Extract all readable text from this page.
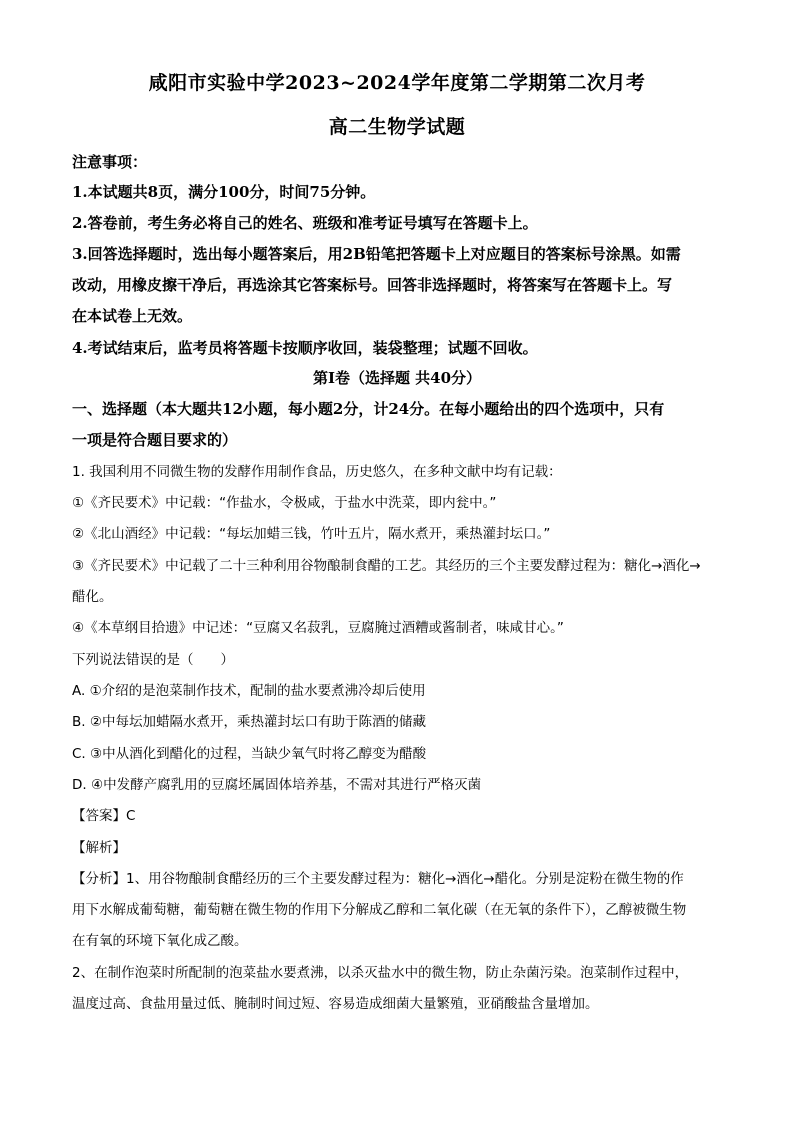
咸阳市实验中学2023~2024学年度第二学期第二次月考
高二生物学试题
注意事项：
1.本试题共8页，满分100分，时间75分钟。
2.答卷前，考生务必将自己的姓名、班级和准考证号填写在答题卡上。
3.回答选择题时，选出每小题答案后，用2B铅笔把答题卡上对应题目的答案标号涂黑。如需
改动，用橡皮擦干净后，再选涂其它答案标号。回答非选择题时，将答案写在答题卡上。写
在本试卷上无效。
4.考试结束后，监考员将答题卡按顺序收回，装袋整理；试题不回收。
第Ⅰ卷（选择题 共40分）
一、选择题（本大题共12小题，每小题2分，计24分。在每小题给出的四个选项中，只有
一项是符合题目要求的）
1. 我国利用不同微生物的发酵作用制作食品，历史悠久，在多种文献中均有记载：
①《齐民要术》中记载：“作盐水，令极咸，于盐水中洗菜，即内瓮中。”
②《北山酒经》中记载：“每坛加蜡三钱，竹叶五片，隔水煮开，乘热灌封坛口。”
③《齐民要术》中记载了二十三种利用谷物酿制食醋的工艺。其经历的三个主要发酵过程为：糖化→酒化→
醋化。
④《本草纲目拾遗》中记述：“豆腐又名菽乳，豆腐腌过酒糟或酱制者，味咸甘心。”
下列说法错误的是（　　）
A. ①介绍的是泡菜制作技术，配制的盐水要煮沸冷却后使用
B. ②中每坛加蜡隔水煮开，乘热灌封坛口有助于陈酒的储藏
C. ③中从酒化到醋化的过程，当缺少氧气时将乙醇变为醋酸
D. ④中发酵产腐乳用的豆腐坯属固体培养基，不需对其进行严格灭菌
【答案】C
【解析】
【分析】1、用谷物酿制食醋经历的三个主要发酵过程为：糖化→酒化→醋化。分别是淀粉在微生物的作
用下水解成葡萄糖，葡萄糖在微生物的作用下分解成乙醇和二氧化碳（在无氧的条件下），乙醇被微生物
在有氧的环境下氧化成乙酸。
2、在制作泡菜时所配制的泡菜盐水要煮沸，以杀灭盐水中的微生物，防止杂菌污染。泡菜制作过程中，
温度过高、食盐用量过低、腌制时间过短、容易造成细菌大量繁殖，亚硝酸盐含量增加。
